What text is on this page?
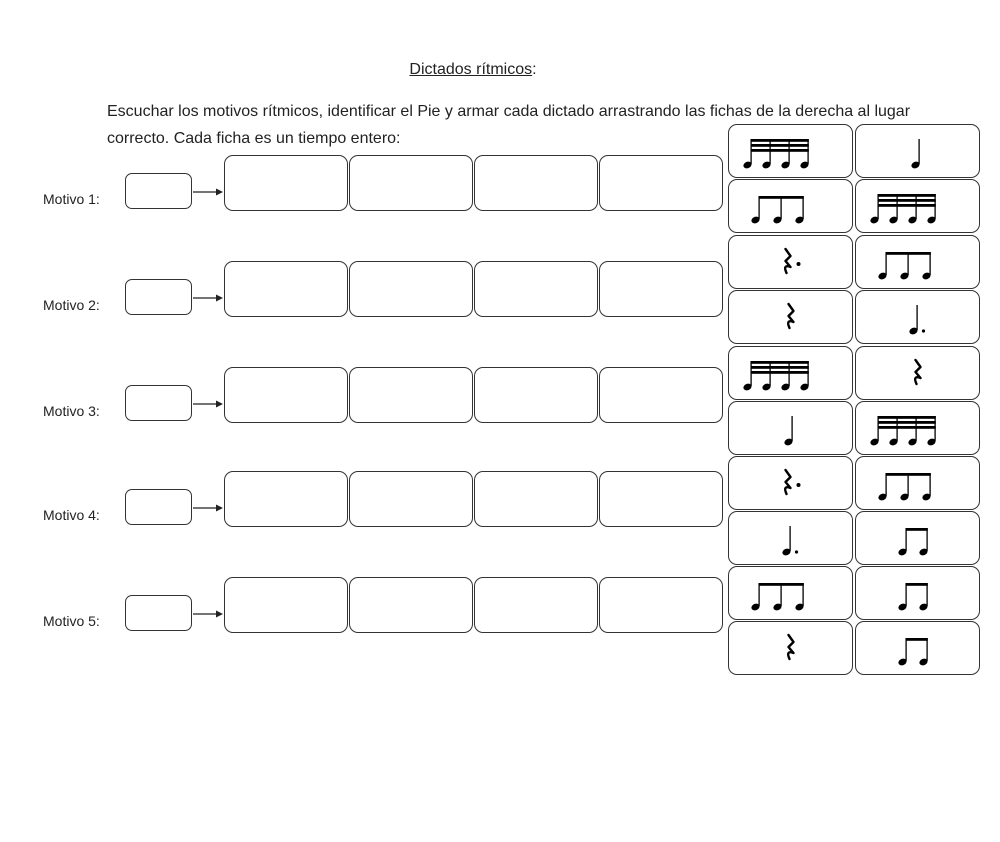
Dictados rítmicos:

Escuchar los motivos rítmicos, identificar el Pie y armar cada dictado arrastrando las fichas de la derecha al lugar correcto. Cada ficha es un tiempo entero:

Motivo 1:
Motivo 2:
Motivo 3:
Motivo 4:
Motivo 5:
